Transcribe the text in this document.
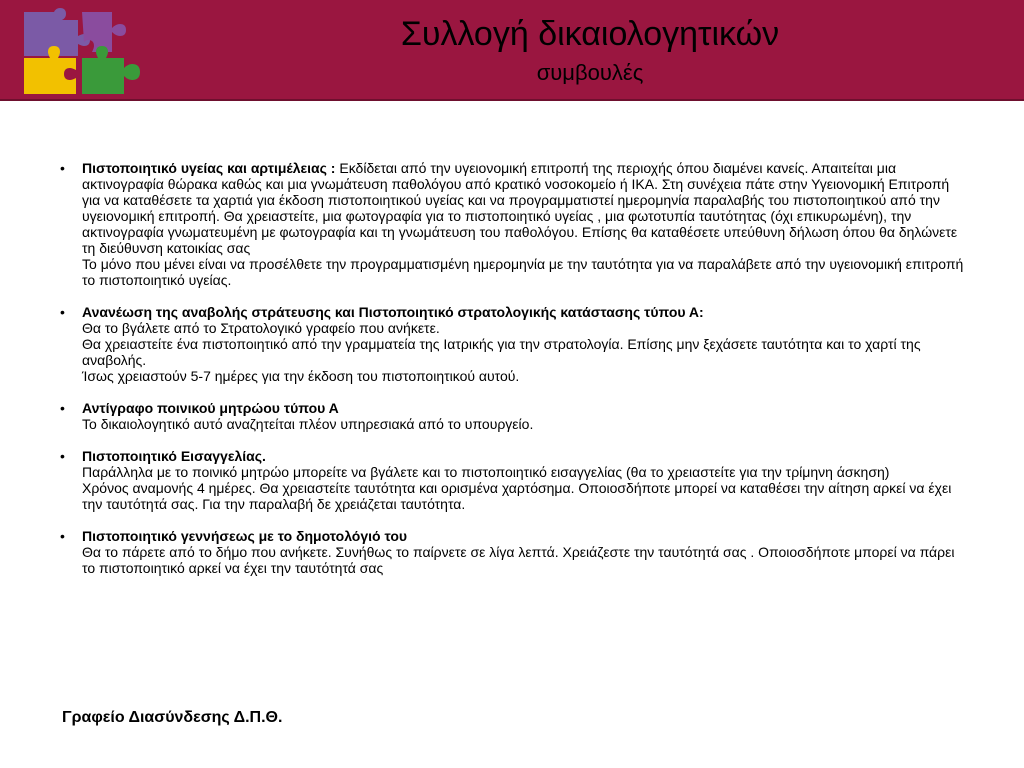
Συλλογή δικαιολογητικών
συμβουλές
• Πιστοποιητικό υγείας και αρτιμέλειας : Εκδίδεται από την υγειονομική επιτροπή της περιοχής όπου διαμένει κανείς. Απαιτείται μια ακτινογραφία θώρακα καθώς και μια γνωμάτευση παθολόγου από κρατικό νοσοκομείο ή ΙΚΑ. Στη συνέχεια πάτε στην Υγειονομική Επιτροπή για να καταθέσετε τα χαρτιά για έκδοση πιστοποιητικού υγείας και να προγραμματιστεί ημερομηνία παραλαβής του πιστοποιητικού από την υγειονομική επιτροπή. Θα χρειαστείτε, μια φωτογραφία για το πιστοποιητικό υγείας , μια φωτοτυπία ταυτότητας (όχι επικυρωμένη), την ακτινογραφία γνωματευμένη με φωτογραφία και τη γνωμάτευση του παθολόγου. Επίσης θα καταθέσετε υπεύθυνη δήλωση όπου θα δηλώνετε τη διεύθυνση κατοικίας σας
Το μόνο που μένει είναι να προσέλθετε την προγραμματισμένη ημερομηνία με την ταυτότητα για να παραλάβετε από την υγειονομική επιτροπή το πιστοποιητικό υγείας.
• Ανανέωση της αναβολής στράτευσης και Πιστοποιητικό στρατολογικής κατάστασης τύπου Α:
Θα το βγάλετε από το Στρατολογικό γραφείο που ανήκετε.
Θα χρειαστείτε ένα πιστοποιητικό από την γραμματεία της Ιατρικής για την στρατολογία. Επίσης μην ξεχάσετε ταυτότητα και το χαρτί της αναβολής.
Ίσως χρειαστούν 5-7 ημέρες για την έκδοση του πιστοποιητικού αυτού.
• Αντίγραφο ποινικού μητρώου τύπου Α
Το δικαιολογητικό αυτό αναζητείται πλέον υπηρεσιακά από το υπουργείο.
• Πιστοποιητικό Εισαγγελίας.
Παράλληλα με το ποινικό μητρώο μπορείτε να βγάλετε και το πιστοποιητικό εισαγγελίας (θα το χρειαστείτε για την τρίμηνη άσκηση)
Χρόνος αναμονής 4 ημέρες. Θα χρειαστείτε ταυτότητα και ορισμένα χαρτόσημα. Οποιοσδήποτε μπορεί να καταθέσει την αίτηση αρκεί να έχει την ταυτότητά σας. Για την παραλαβή δε χρειάζεται ταυτότητα.
• Πιστοποιητικό γεννήσεως με το δημοτολόγιό του
Θα το πάρετε από το δήμο που ανήκετε. Συνήθως το παίρνετε σε λίγα λεπτά. Χρειάζεστε την ταυτότητά σας . Οποιοσδήποτε μπορεί να πάρει το πιστοποιητικό αρκεί να έχει την ταυτότητά σας
Γραφείο Διασύνδεσης Δ.Π.Θ.
